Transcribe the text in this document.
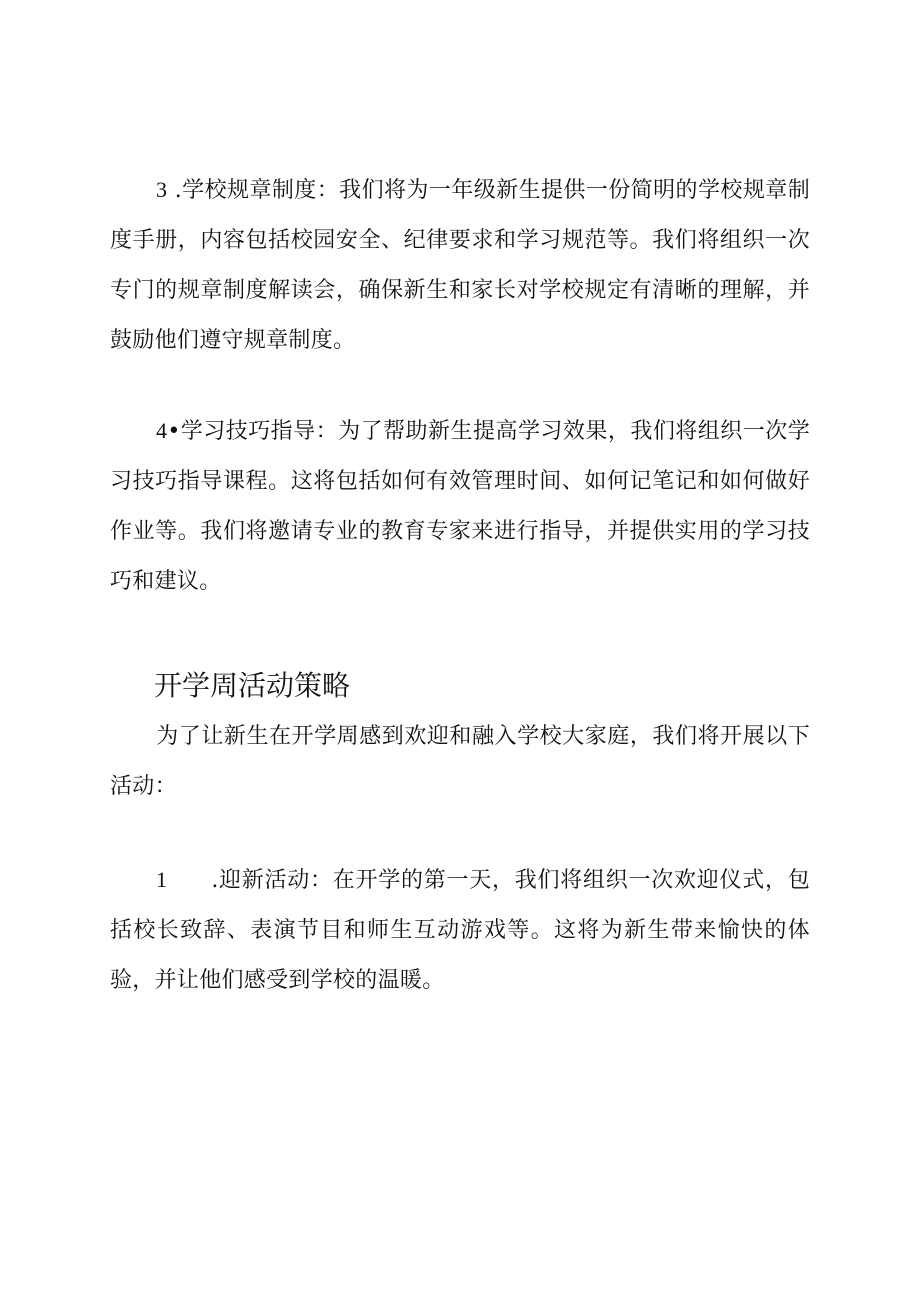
3 .学校规章制度：我们将为一年级新生提供一份简明的学校规章制度手册，内容包括校园安全、纪律要求和学习规范等。我们将组织一次专门的规章制度解读会，确保新生和家长对学校规定有清晰的理解，并鼓励他们遵守规章制度。

4•学习技巧指导：为了帮助新生提高学习效果，我们将组织一次学习技巧指导课程。这将包括如何有效管理时间、如何记笔记和如何做好作业等。我们将邀请专业的教育专家来进行指导，并提供实用的学习技巧和建议。

开学周活动策略

为了让新生在开学周感到欢迎和融入学校大家庭，我们将开展以下活动：

1 .迎新活动：在开学的第一天，我们将组织一次欢迎仪式，包括校长致辞、表演节目和师生互动游戏等。这将为新生带来愉快的体验，并让他们感受到学校的温暖。
